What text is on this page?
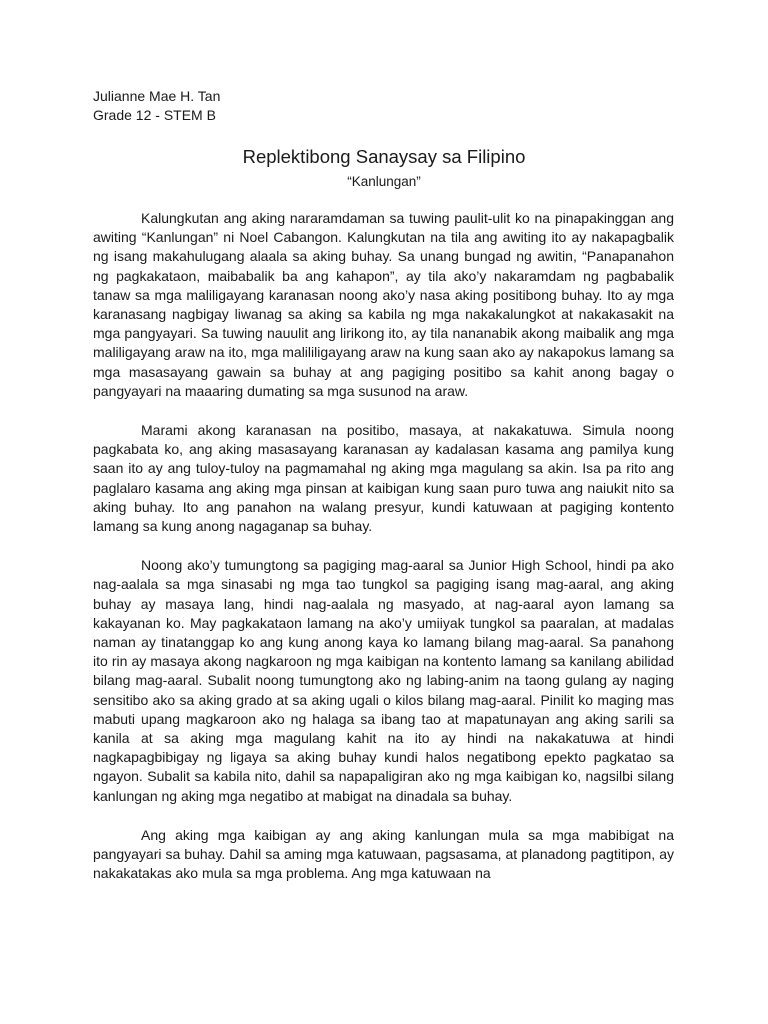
Julianne Mae H. Tan
Grade 12 - STEM B
Replektibong Sanaysay sa Filipino
“Kanlungan”

Kalungkutan ang aking nararamdaman sa tuwing paulit-ulit ko na pinapakinggan ang awiting “Kanlungan” ni Noel Cabangon. Kalungkutan na tila ang awiting ito ay nakapagbalik ng isang makahulugang alaala sa aking buhay. Sa unang bungad ng awitin, “Panapanahon ng pagkakataon, maibabalik ba ang kahapon”, ay tila ako’y nakaramdam ng pagbabalik tanaw sa mga maliligayang karanasan noong ako’y nasa aking positibong buhay. Ito ay mga karanasang nagbigay liwanag sa aking sa kabila ng mga nakakalungkot at nakakasakit na mga pangyayari. Sa tuwing nauulit ang lirikong ito, ay tila nananabik akong maibalik ang mga maliligayang araw na ito, mga malililigayang araw na kung saan ako ay nakapokus lamang sa mga masasayang gawain sa buhay at ang pagiging positibo sa kahit anong bagay o pangyayari na maaaring dumating sa mga susunod na araw.

Marami akong karanasan na positibo, masaya, at nakakatuwa. Simula noong pagkabata ko, ang aking masasayang karanasan ay kadalasan kasama ang pamilya kung saan ito ay ang tuloy-tuloy na pagmamahal ng aking mga magulang sa akin. Isa pa rito ang paglalaro kasama ang aking mga pinsan at kaibigan kung saan puro tuwa ang naiukit nito sa aking buhay. Ito ang panahon na walang presyur, kundi katuwaan at pagiging kontento lamang sa kung anong nagaganap sa buhay.

Noong ako’y tumungtong sa pagiging mag-aaral sa Junior High School, hindi pa ako nag-aalala sa mga sinasabi ng mga tao tungkol sa pagiging isang mag-aaral, ang aking buhay ay masaya lang, hindi nag-aalala ng masyado, at nag-aaral ayon lamang sa kakayanan ko. May pagkakataon lamang na ako’y umiiyak tungkol sa paaralan, at madalas naman ay tinatanggap ko ang kung anong kaya ko lamang bilang mag-aaral. Sa panahong ito rin ay masaya akong nagkaroon ng mga kaibigan na kontento lamang sa kanilang abilidad bilang mag-aaral. Subalit noong tumungtong ako ng labing-anim na taong gulang ay naging sensitibo ako sa aking grado at sa aking ugali o kilos bilang mag-aaral. Pinilit ko maging mas mabuti upang magkaroon ako ng halaga sa ibang tao at mapatunayan ang aking sarili sa kanila at sa aking mga magulang kahit na ito ay hindi na nakakatuwa at hindi nagkapagbibigay ng ligaya sa aking buhay kundi halos negatibong epekto pagkatao sa ngayon. Subalit sa kabila nito, dahil sa napapaligiran ako ng mga kaibigan ko, nagsilbi silang kanlungan ng aking mga negatibo at mabigat na dinadala sa buhay.

Ang aking mga kaibigan ay ang aking kanlungan mula sa mga mabibigat na pangyayari sa buhay. Dahil sa aming mga katuwaan, pagsasama, at planadong pagtitipon, ay nakakatakas ako mula sa mga problema. Ang mga katuwaan na
